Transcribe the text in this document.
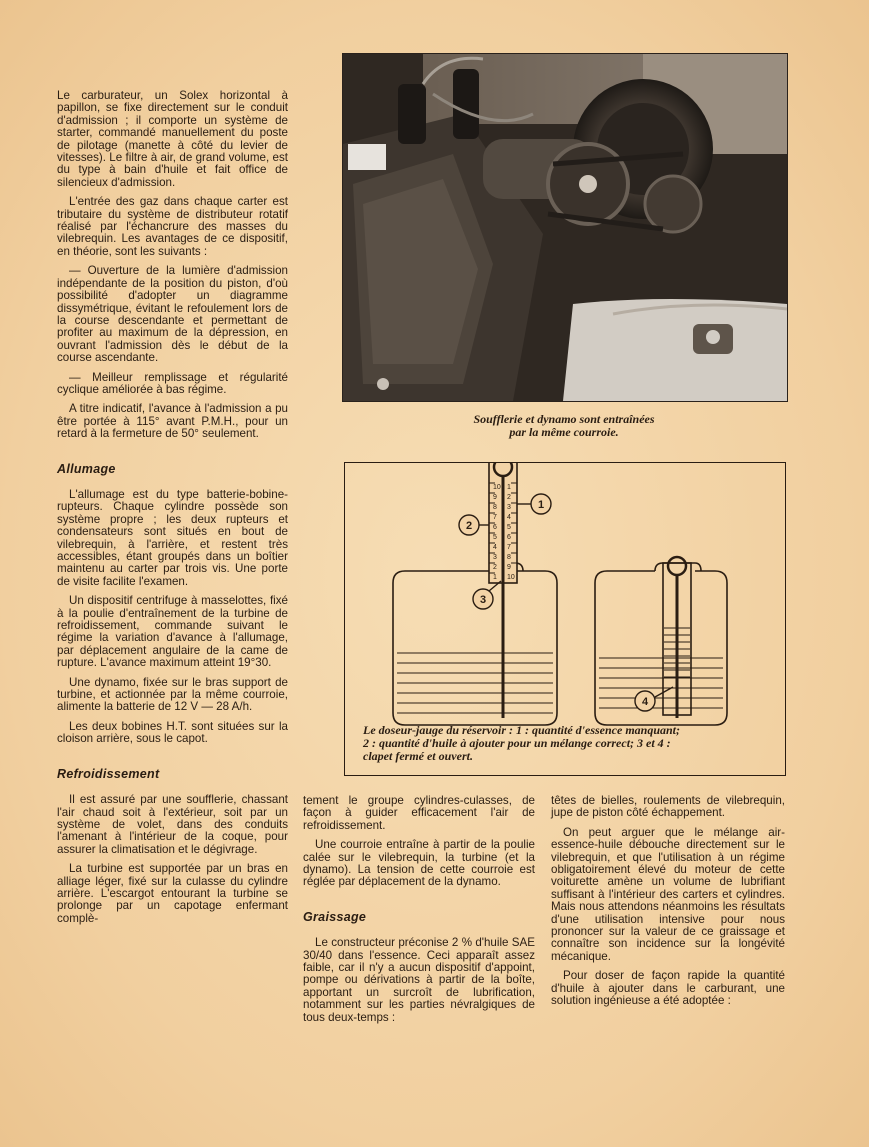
Le carburateur, un Solex horizontal à papillon, se fixe directement sur le conduit d'admission ; il comporte un système de starter, commandé manuellement du poste de pilotage (manette à côté du levier de vitesses). Le filtre à air, de grand volume, est du type à bain d'huile et fait office de silencieux d'admission.

L'entrée des gaz dans chaque carter est tributaire du système de distributeur rotatif réalisé par l'échancrure des masses du vilebrequin. Les avantages de ce dispositif, en théorie, sont les suivants :

— Ouverture de la lumière d'admission indépendante de la position du piston, d'où possibilité d'adopter un diagramme dissymétrique, évitant le refoulement lors de la course descendante et permettant de profiter au maximum de la dépression, en ouvrant l'admission dès le début de la course ascendante.

— Meilleur remplissage et régularité cyclique améliorée à bas régime.

A titre indicatif, l'avance à l'admission a pu être portée à 115° avant P.M.H., pour un retard à la fermeture de 50° seulement.

Allumage

L'allumage est du type batterie-bobine-rupteurs. Chaque cylindre possède son système propre ; les deux rupteurs et condensateurs sont situés en bout de vilebrequin, à l'arrière, et restent très accessibles, étant groupés dans un boîtier maintenu au carter par trois vis. Une porte de visite facilite l'examen.

Un dispositif centrifuge à masselottes, fixé à la poulie d'entraînement de la turbine de refroidissement, commande suivant le régime la variation d'avance à l'allumage, par déplacement angulaire de la came de rupture. L'avance maximum atteint 19°30.

Une dynamo, fixée sur le bras support de turbine, et actionnée par la même courroie, alimente la batterie de 12 V — 28 A/h.

Les deux bobines H.T. sont situées sur la cloison arrière, sous le capot.

Refroidissement

Il est assuré par une soufflerie, chassant l'air chaud soit à l'extérieur, soit par un système de volet, dans des conduits l'amenant à l'intérieur de la coque, pour assurer la climatisation et le dégivrage.

La turbine est supportée par un bras en alliage léger, fixé sur la culasse du cylindre arrière. L'escargot entourant la turbine se prolonge par un capotage enfermant complè-

Soufflerie et dynamo sont entraînées
par la même courroie.
10 1
9 2
8 3
7 4
6 5
5 6
4 7
3 8
2 9
1 10
1
2
3
4
Le doseur-jauge du réservoir : 1 : quantité d'essence manquant;
2 : quantité d'huile à ajouter pour un mélange correct; 3 et 4 :
clapet fermé et ouvert.

tement le groupe cylindres-culasses, de façon à guider efficacement l'air de refroidissement.

Une courroie entraîne à partir de la poulie calée sur le vilebrequin, la turbine (et la dynamo). La tension de cette courroie est réglée par déplacement de la dynamo.

Graissage

Le constructeur préconise 2 % d'huile SAE 30/40 dans l'essence. Ceci apparaît assez faible, car il n'y a aucun dispositif d'appoint, pompe ou dérivations à partir de la boîte, apportant un surcroît de lubrification, notamment sur les parties névralgiques de tous deux-temps :

têtes de bielles, roulements de vilebrequin, jupe de piston côté échappement.

On peut arguer que le mélange air-essence-huile débouche directement sur le vilebrequin, et que l'utilisation à un régime obligatoirement élevé du moteur de cette voiturette amène un volume de lubrifiant suffisant à l'intérieur des carters et cylindres. Mais nous attendons néanmoins les résultats d'une utilisation intensive pour nous prononcer sur la valeur de ce graissage et connaître son incidence sur la longévité mécanique.

Pour doser de façon rapide la quantité d'huile à ajouter dans le carburant, une solution ingénieuse a été adoptée :
